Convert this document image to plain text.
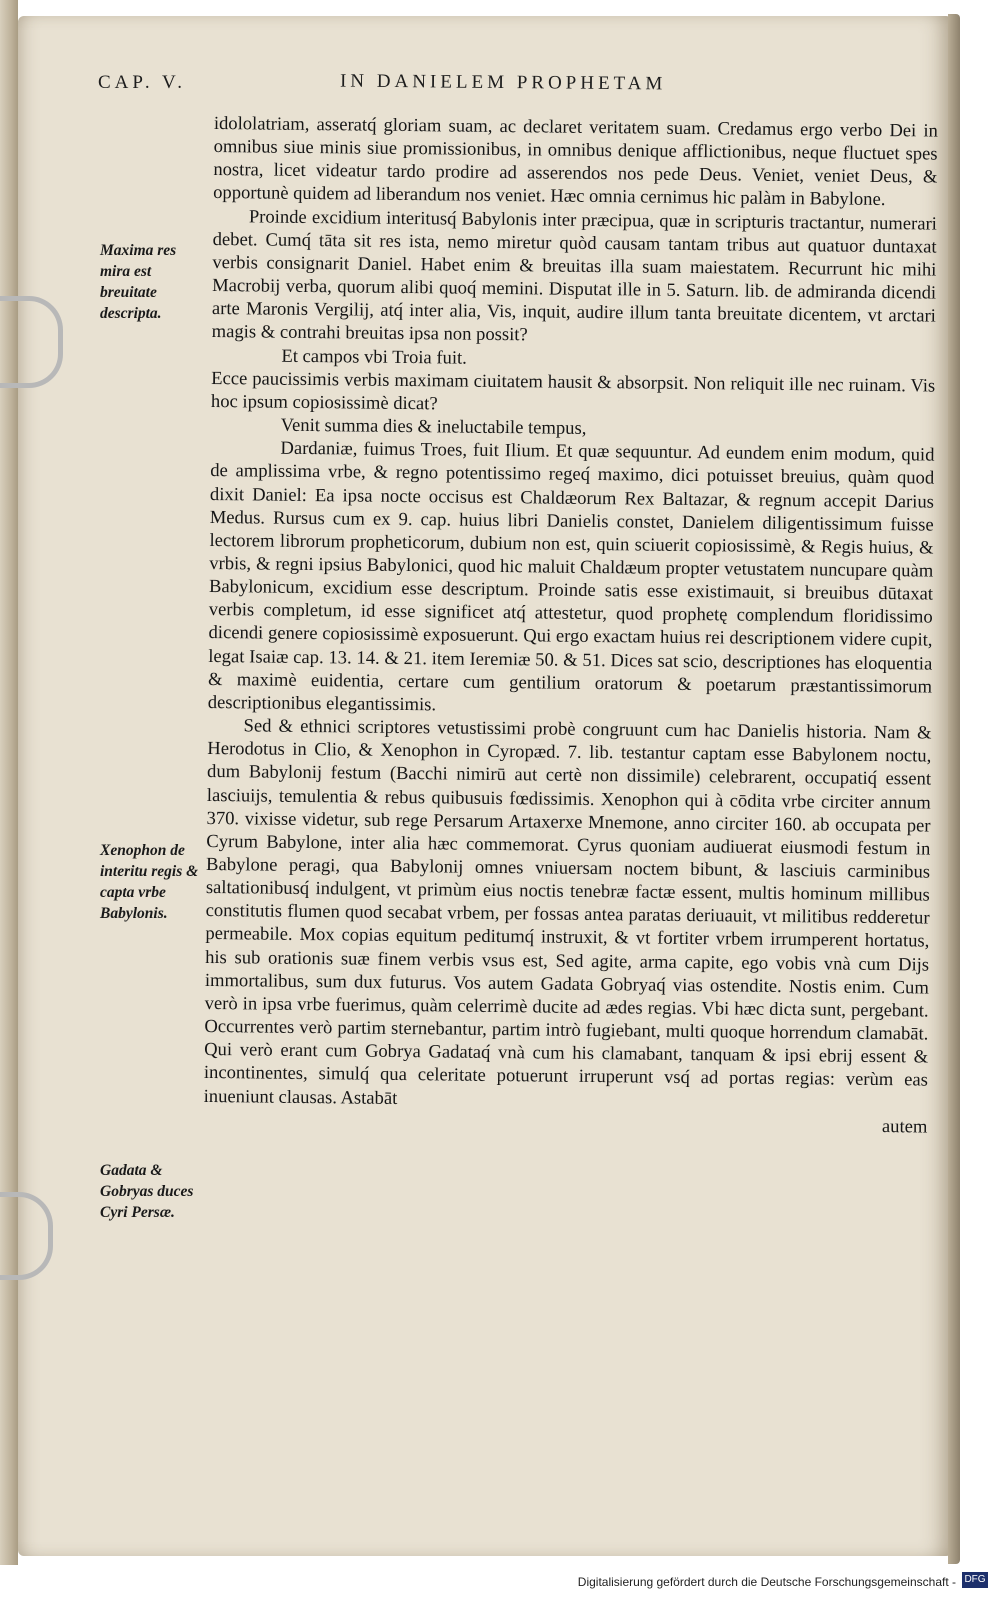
CAP. V.	IN DANIELEM PROPHETAM
Maxima res mira est breuitate descripta.
Xenophon de interitu regis & capta vrbe Babylonis.
Gadata & Gobryas duces Cyri Persæ.

idololatriam, asseratq́ gloriam suam, ac declaret veritatem suam. Credamus ergo verbo Dei in omnibus siue minis siue promissionibus, in omnibus denique afflictionibus, neque fluctuet spes nostra, licet videatur tardo prodire ad asserendos nos pede Deus. Veniet, veniet Deus, & opportunè quidem ad liberandum nos veniet. Hæc omnia cernimus hic palàm in Babylone.

Proinde excidium interitusq́ Babylonis inter præcipua, quæ in scripturis tractantur, numerari debet. Cumq́ tāta sit res ista, nemo miretur quòd causam tantam tribus aut quatuor duntaxat verbis consignarit Daniel. Habet enim & breuitas illa suam maiestatem. Recurrunt hic mihi Macrobij verba, quorum alibi quoq́ memini. Disputat ille in 5. Saturn. lib. de admiranda dicendi arte Maronis Vergilij, atq́ inter alia, Vis, inquit, audire illum tanta breuitate dicentem, vt arctari magis & contrahi breuitas ipsa non possit?

Et campos vbi Troia fuit.

Ecce paucissimis verbis maximam ciuitatem hausit & absorpsit. Non reliquit ille nec ruinam. Vis hoc ipsum copiosissimè dicat?

Venit summa dies & ineluctabile tempus,

Dardaniæ, fuimus Troes, fuit Ilium. Et quæ sequuntur. Ad eundem enim modum, quid de amplissima vrbe, & regno potentissimo regeq́ maximo, dici potuisset breuius, quàm quod dixit Daniel: Ea ipsa nocte occisus est Chaldæorum Rex Baltazar, & regnum accepit Darius Medus. Rursus cum ex 9. cap. huius libri Danielis constet, Danielem diligentissimum fuisse lectorem librorum propheticorum, dubium non est, quin sciuerit copiosissimè, & Regis huius, & vrbis, & regni ipsius Babylonici, quod hic maluit Chaldæum propter vetustatem nuncupare quàm Babylonicum, excidium esse descriptum. Proinde satis esse existimauit, si breuibus dūtaxat verbis completum, id esse significet atq́ attestetur, quod prophetę complendum floridissimo dicendi genere copiosissimè exposuerunt. Qui ergo exactam huius rei descriptionem videre cupit, legat Isaiæ cap. 13. 14. & 21. item Ieremiæ 50. & 51. Dices sat scio, descriptiones has eloquentia & maximè euidentia, certare cum gentilium oratorum & poetarum præstantissimorum descriptionibus elegantissimis.

Sed & ethnici scriptores vetustissimi probè congruunt cum hac Danielis historia. Nam & Herodotus in Clio, & Xenophon in Cyropæd. 7. lib. testantur captam esse Babylonem noctu, dum Babylonij festum (Bacchi nimirū aut certè non dissimile) celebrarent, occupatiq́ essent lasciuijs, temulentia & rebus quibusuis fœdissimis. Xenophon qui à cōdita vrbe circiter annum 370. vixisse videtur, sub rege Persarum Artaxerxe Mnemone, anno circiter 160. ab occupata per Cyrum Babylone, inter alia hæc commemorat. Cyrus quoniam audiuerat eiusmodi festum in Babylone peragi, qua Babylonij omnes vniuersam noctem bibunt, & lasciuis carminibus saltationibusq́ indulgent, vt primùm eius noctis tenebræ factæ essent, multis hominum millibus constitutis flumen quod secabat vrbem, per fossas antea paratas deriuauit, vt militibus redderetur permeabile. Mox copias equitum peditumq́ instruxit, & vt fortiter vrbem irrumperent hortatus, his sub orationis suæ finem verbis vsus est, Sed agite, arma capite, ego vobis vnà cum Dijs immortalibus, sum dux futurus. Vos autem Gadata Gobryaq́ vias ostendite. Nostis enim. Cum verò in ipsa vrbe fuerimus, quàm celerrimè ducite ad ædes regias. Vbi hæc dicta sunt, pergebant. Occurrentes verò partim sternebantur, partim intrò fugiebant, multi quoque horrendum clamabāt. Qui verò erant cum Gobrya Gadataq́ vnà cum his clamabant, tanquam & ipsi ebrij essent & incontinentes, simulq́ qua celeritate potuerunt irruperunt vsq́ ad portas regias: verùm eas inueniunt clausas. Astabāt

autem

Digitalisierung gefördert durch die Deutsche Forschungsgemeinschaft - DFG
